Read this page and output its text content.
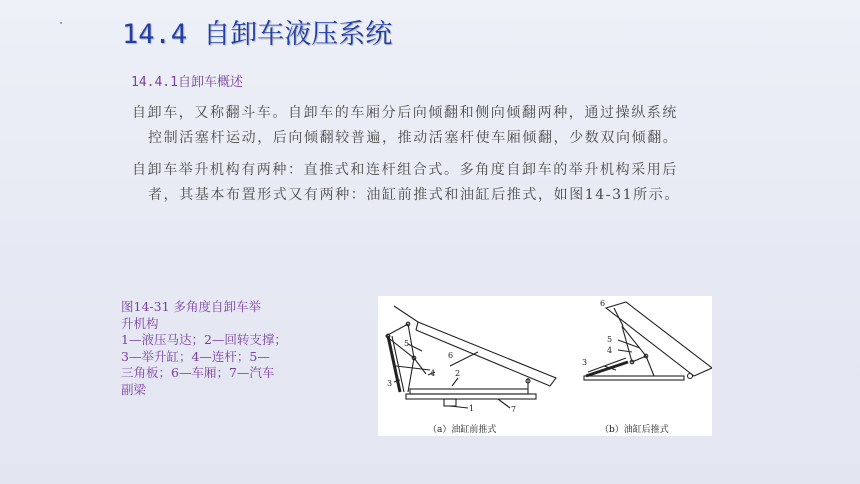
14.4 自卸车液压系统
14.4.1自卸车概述
自卸车，又称翻斗车。自卸车的车厢分后向倾翻和侧向倾翻两种，通过操纵系统
控制活塞杆运动，后向倾翻较普遍，推动活塞杆使车厢倾翻，少数双向倾翻。
自卸车举升机构有两种：直推式和连杆组合式。多角度自卸车的举升机构采用后
者，其基本布置形式又有两种：油缸前推式和油缸后推式，如图14-31所示。
图14-31 多角度自卸车举
升机构
1—液压马达；2—回转支撑；
3—举升缸；4—连杆；5—
三角板；6—车厢；7—汽车
副梁
5
6
4 2
3
1	7
6
5
4
3
（a）油缸前推式	（b）油缸后推式
